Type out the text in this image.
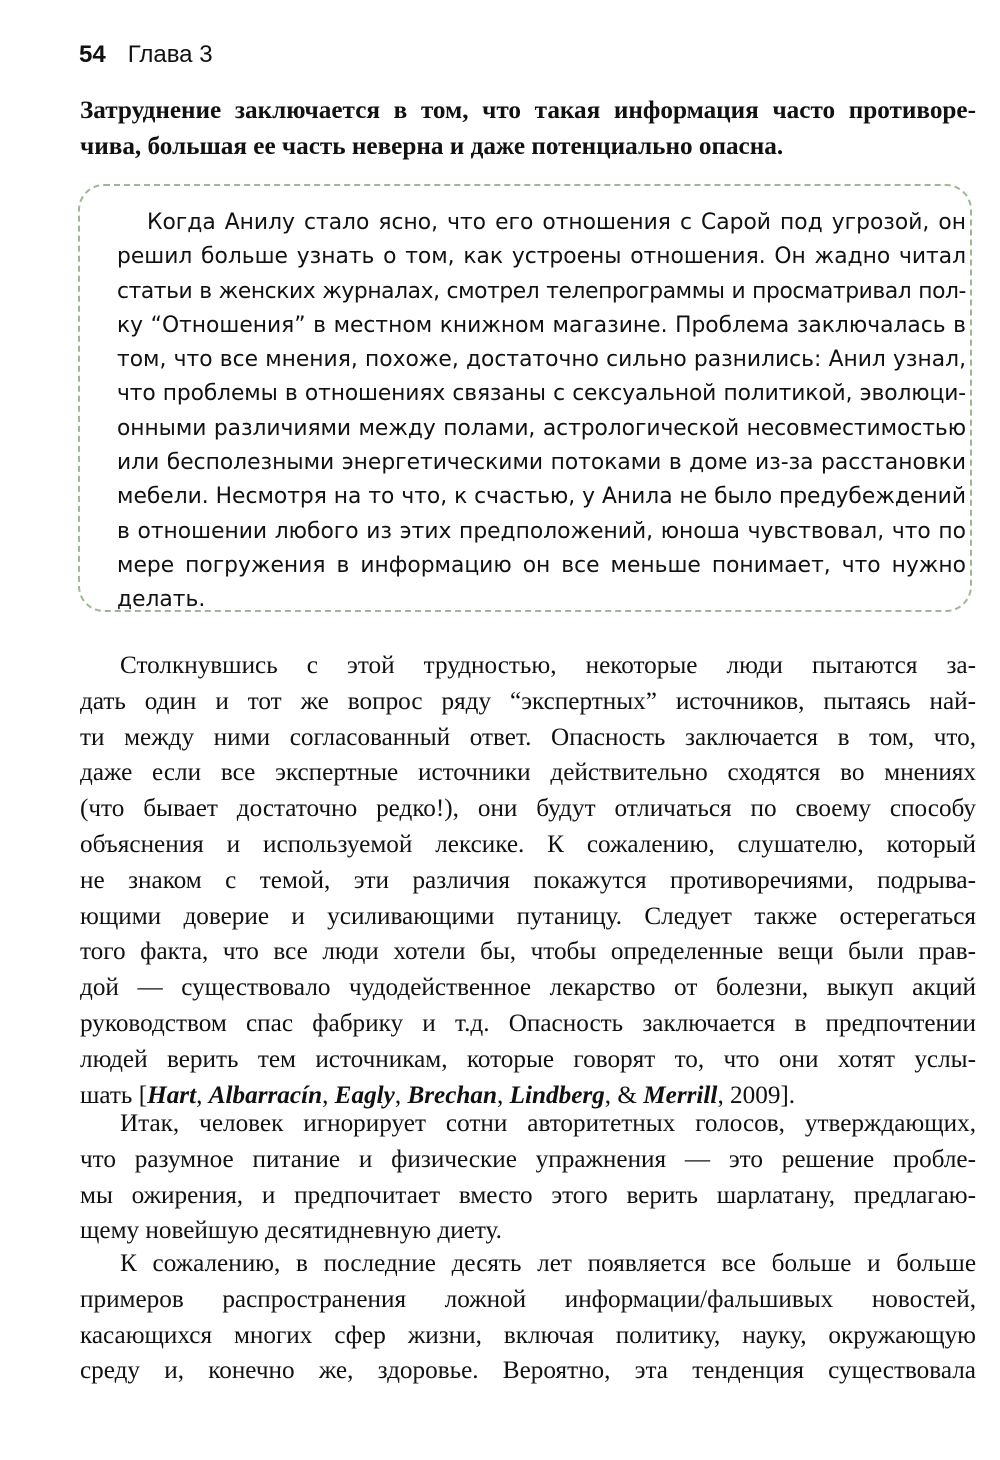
54 Глава 3
Затруднение заключается в том, что такая информация часто противоре-
чива, большая ее часть неверна и даже потенциально опасна.
Когда Анилу стало ясно, что его отношения с Сарой под угрозой, он
решил больше узнать о том, как устроены отношения. Он жадно читал
статьи в женских журналах, смотрел телепрограммы и просматривал пол-
ку “Отношения” в местном книжном магазине. Проблема заключалась в
том, что все мнения, похоже, достаточно сильно разнились: Анил узнал,
что проблемы в отношениях связаны с сексуальной политикой, эволюци-
онными различиями между полами, астрологической несовместимостью
или бесполезными энергетическими потоками в доме из-за расстановки
мебели. Несмотря на то что, к счастью, у Анила не было предубеждений
в отношении любого из этих предположений, юноша чувствовал, что по
мере погружения в информацию он все меньше понимает, что нужно
делать.
Столкнувшись с этой трудностью, некоторые люди пытаются за-
дать один и тот же вопрос ряду “экспертных” источников, пытаясь най-
ти между ними согласованный ответ. Опасность заключается в том, что,
даже если все экспертные источники действительно сходятся во мнениях
(что бывает достаточно редко!), они будут отличаться по своему способу
объяснения и используемой лексике. К сожалению, слушателю, который
не знаком с темой, эти различия покажутся противоречиями, подрыва-
ющими доверие и усиливающими путаницу. Следует также остерегаться
того факта, что все люди хотели бы, чтобы определенные вещи были прав-
дой — существовало чудодейственное лекарство от болезни, выкуп акций
руководством спас фабрику и т.д. Опасность заключается в предпочтении
людей верить тем источникам, которые говорят то, что они хотят услы-
шать [Hart, Albarracín, Eagly, Brechan, Lindberg, & Merrill, 2009].
Итак, человек игнорирует сотни авторитетных голосов, утверждающих,
что разумное питание и физические упражнения — это решение пробле-
мы ожирения, и предпочитает вместо этого верить шарлатану, предлагаю-
щему новейшую десятидневную диету.
К сожалению, в последние десять лет появляется все больше и больше
примеров распространения ложной информации/фальшивых новостей,
касающихся многих сфер жизни, включая политику, науку, окружающую
среду и, конечно же, здоровье. Вероятно, эта тенденция существовала
